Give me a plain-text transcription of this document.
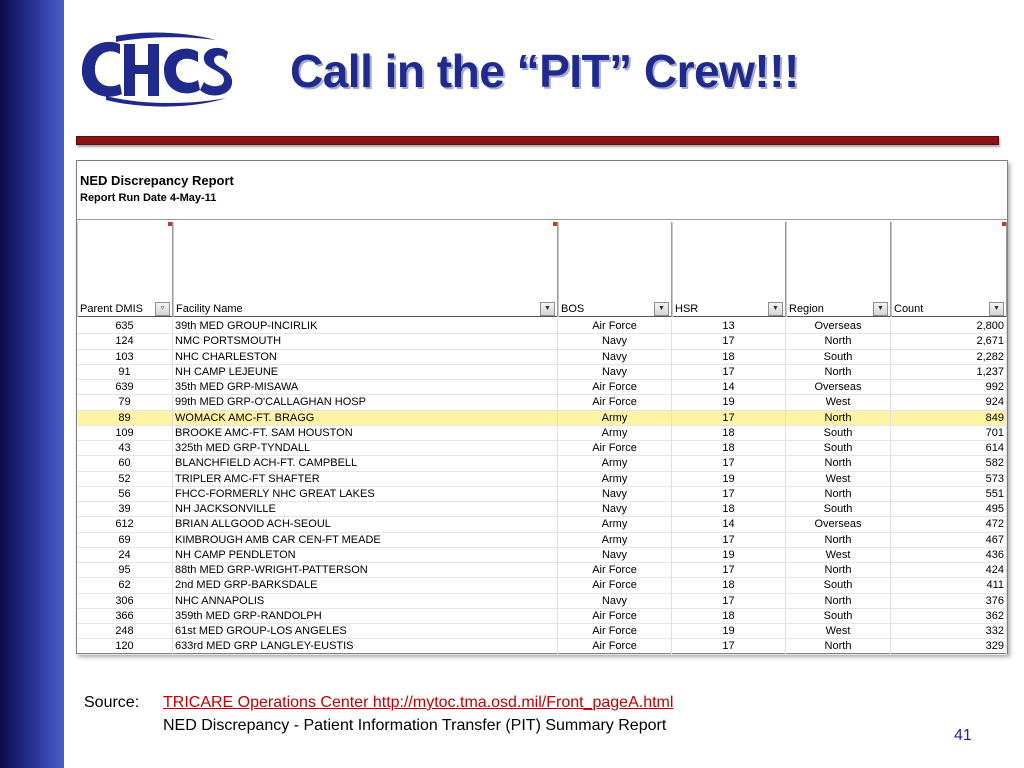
Call in the “PIT” Crew!!!
NED Discrepancy Report
Report Run Date 4-May-11
Parent DMIS	▿	Facility Name	▼ BOS	▼ HSR	▼ Region	▼ Count	▼
635	39th MED GROUP-INCIRLIK	Air Force	13	Overseas	2,800
124	NMC PORTSMOUTH	Navy	17	North	2,671
103	NHC CHARLESTON	Navy	18	South	2,282
91	NH CAMP LEJEUNE	Navy	17	North	1,237
639	35th MED GRP-MISAWA	Air Force	14	Overseas	992
79	99th MED GRP-O'CALLAGHAN HOSP	Air Force	19	West	924
89	WOMACK AMC-FT. BRAGG	Army	17	North	849
109	BROOKE AMC-FT. SAM HOUSTON	Army	18	South	701
43	325th MED GRP-TYNDALL	Air Force	18	South	614
60	BLANCHFIELD ACH-FT. CAMPBELL	Army	17	North	582
52	TRIPLER AMC-FT SHAFTER	Army	19	West	573
56	FHCC-FORMERLY NHC GREAT LAKES	Navy	17	North	551
39	NH JACKSONVILLE	Navy	18	South	495
612	BRIAN ALLGOOD ACH-SEOUL	Army	14	Overseas	472
69	KIMBROUGH AMB CAR CEN-FT MEADE	Army	17	North	467
24	NH CAMP PENDLETON	Navy	19	West	436
95	88th MED GRP-WRIGHT-PATTERSON	Air Force	17	North	424
62	2nd MED GRP-BARKSDALE	Air Force	18	South	411
306	NHC ANNAPOLIS	Navy	17	North	376
366	359th MED GRP-RANDOLPH	Air Force	18	South	362
248	61st MED GROUP-LOS ANGELES	Air Force	19	West	332
120	633rd MED GRP LANGLEY-EUSTIS	Air Force	17	North	329
Source: TRICARE Operations Center http://mytoc.tma.osd.mil/Front_pageA.html
NED Discrepancy - Patient Information Transfer (PIT) Summary Report
41
